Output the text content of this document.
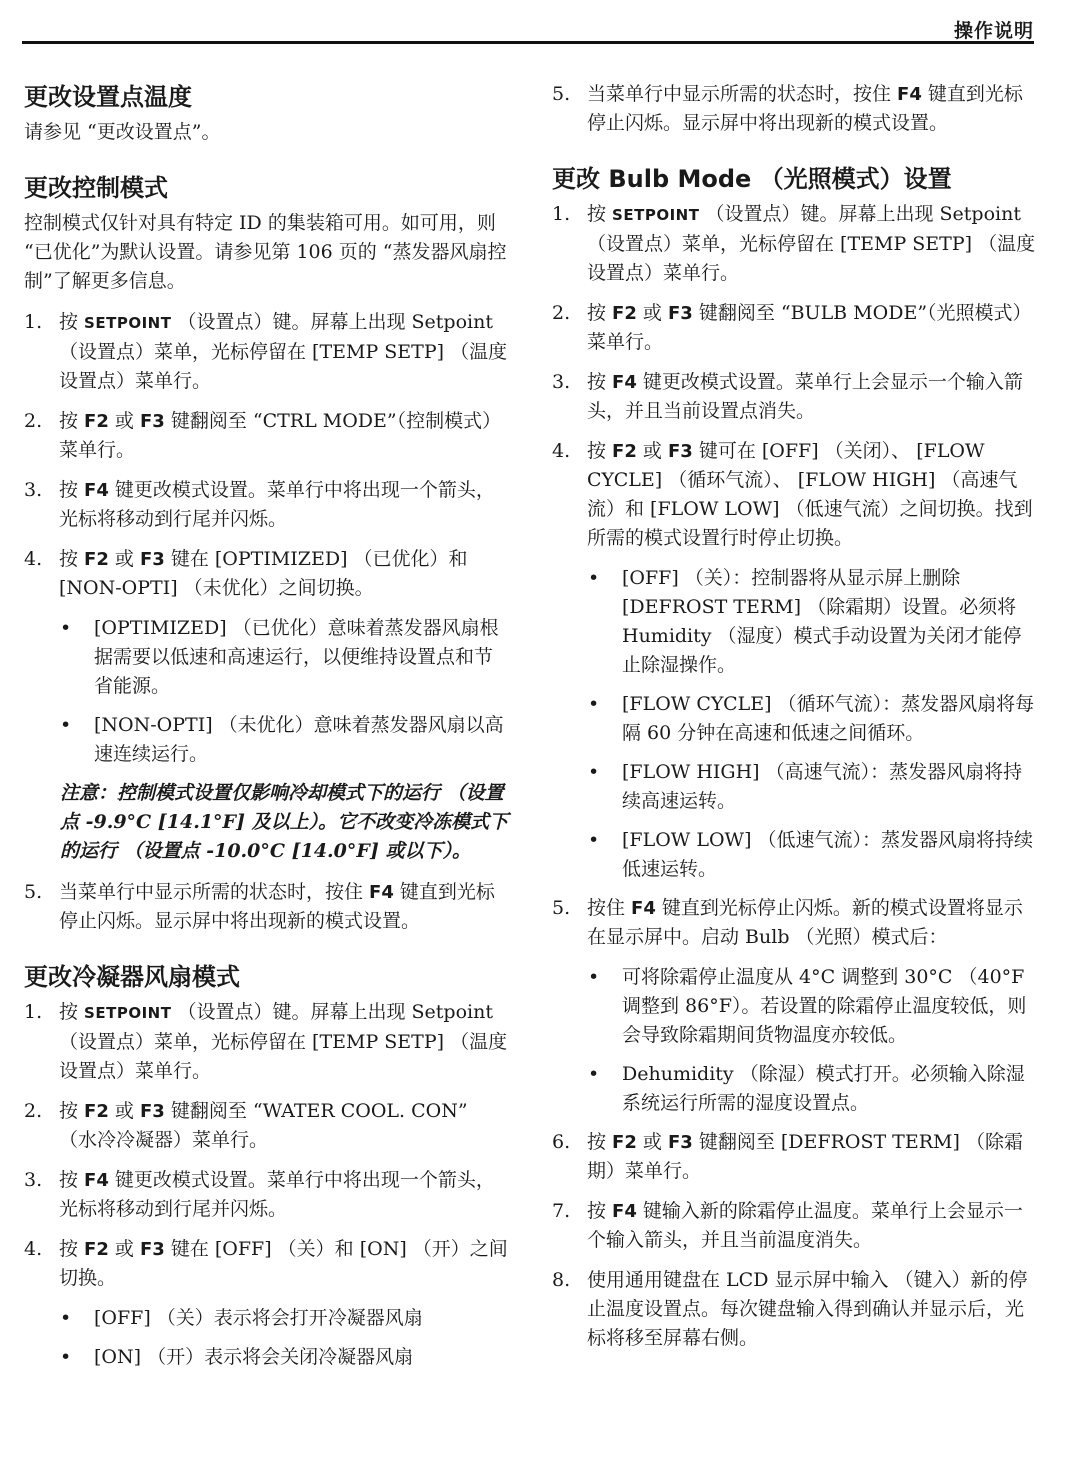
操作说明
更改设置点温度

请参见 “更改设置点”。

更改控制模式

控制模式仅针对具有特定 ID 的集装箱可用。如可用，则 “已优化”为默认设置。请参见第 106 页的 “蒸发器风扇控制”了解更多信息。

1. 按 SETPOINT （设置点）键。屏幕上出现 Setpoint （设置点）菜单，光标停留在 [TEMP SETP] （温度设置点）菜单行。
2. 按 F2 或 F3 键翻阅至 “CTRL MODE”（控制模式）菜单行。
3. 按 F4 键更改模式设置。菜单行中将出现一个箭头，光标将移动到行尾并闪烁。
4. 按 F2 或 F3 键在 [OPTIMIZED] （已优化）和 [NON-OPTI] （未优化）之间切换。
•	[OPTIMIZED] （已优化）意味着蒸发器风扇根据需要以低速和高速运行，以便维持设置点和节省能源。
•	[NON-OPTI] （未优化）意味着蒸发器风扇以高速连续运行。
注意：控制模式设置仅影响冷却模式下的运行 （设置点 -9.9°C [14.1°F] 及以上）。它不改变冷冻模式下的运行 （设置点 -10.0°C [14.0°F] 或以下）。
5. 当菜单行中显示所需的状态时，按住 F4 键直到光标停止闪烁。显示屏中将出现新的模式设置。
更改冷凝器风扇模式
1. 按 SETPOINT （设置点）键。屏幕上出现 Setpoint （设置点）菜单，光标停留在 [TEMP SETP] （温度设置点）菜单行。
2. 按 F2 或 F3 键翻阅至 “WATER COOL. CON” （水冷冷凝器）菜单行。
3. 按 F4 键更改模式设置。菜单行中将出现一个箭头，光标将移动到行尾并闪烁。
4. 按 F2 或 F3 键在 [OFF] （关）和 [ON] （开）之间切换。
•	[OFF] （关）表示将会打开冷凝器风扇
•	[ON] （开）表示将会关闭冷凝器风扇
5. 当菜单行中显示所需的状态时，按住 F4 键直到光标停止闪烁。显示屏中将出现新的模式设置。
更改 Bulb Mode （光照模式）设置
1. 按 SETPOINT （设置点）键。屏幕上出现 Setpoint （设置点）菜单，光标停留在 [TEMP SETP] （温度设置点）菜单行。
2. 按 F2 或 F3 键翻阅至 “BULB MODE”（光照模式）菜单行。
3. 按 F4 键更改模式设置。菜单行上会显示一个输入箭头，并且当前设置点消失。
4. 按 F2 或 F3 键可在 [OFF] （关闭）、 [FLOW CYCLE] （循环气流）、 [FLOW HIGH] （高速气流）和 [FLOW LOW] （低速气流）之间切换。找到所需的模式设置行时停止切换。
•	[OFF] （关）：控制器将从显示屏上删除 [DEFROST TERM] （除霜期）设置。必须将 Humidity （湿度）模式手动设置为关闭才能停止除湿操作。
•	[FLOW CYCLE] （循环气流）：蒸发器风扇将每隔 60 分钟在高速和低速之间循环。
•	[FLOW HIGH] （高速气流）：蒸发器风扇将持续高速运转。
•	[FLOW LOW] （低速气流）：蒸发器风扇将持续低速运转。
5. 按住 F4 键直到光标停止闪烁。新的模式设置将显示在显示屏中。启动 Bulb （光照）模式后：
•	可将除霜停止温度从 4°C 调整到 30°C （40°F 调整到 86°F）。若设置的除霜停止温度较低，则会导致除霜期间货物温度亦较低。
•	Dehumidity （除湿）模式打开。必须输入除湿系统运行所需的湿度设置点。
6. 按 F2 或 F3 键翻阅至 [DEFROST TERM] （除霜期）菜单行。
7. 按 F4 键输入新的除霜停止温度。菜单行上会显示一个输入箭头，并且当前温度消失。
8. 使用通用键盘在 LCD 显示屏中输入 （键入）新的停止温度设置点。每次键盘输入得到确认并显示后，光标将移至屏幕右侧。
